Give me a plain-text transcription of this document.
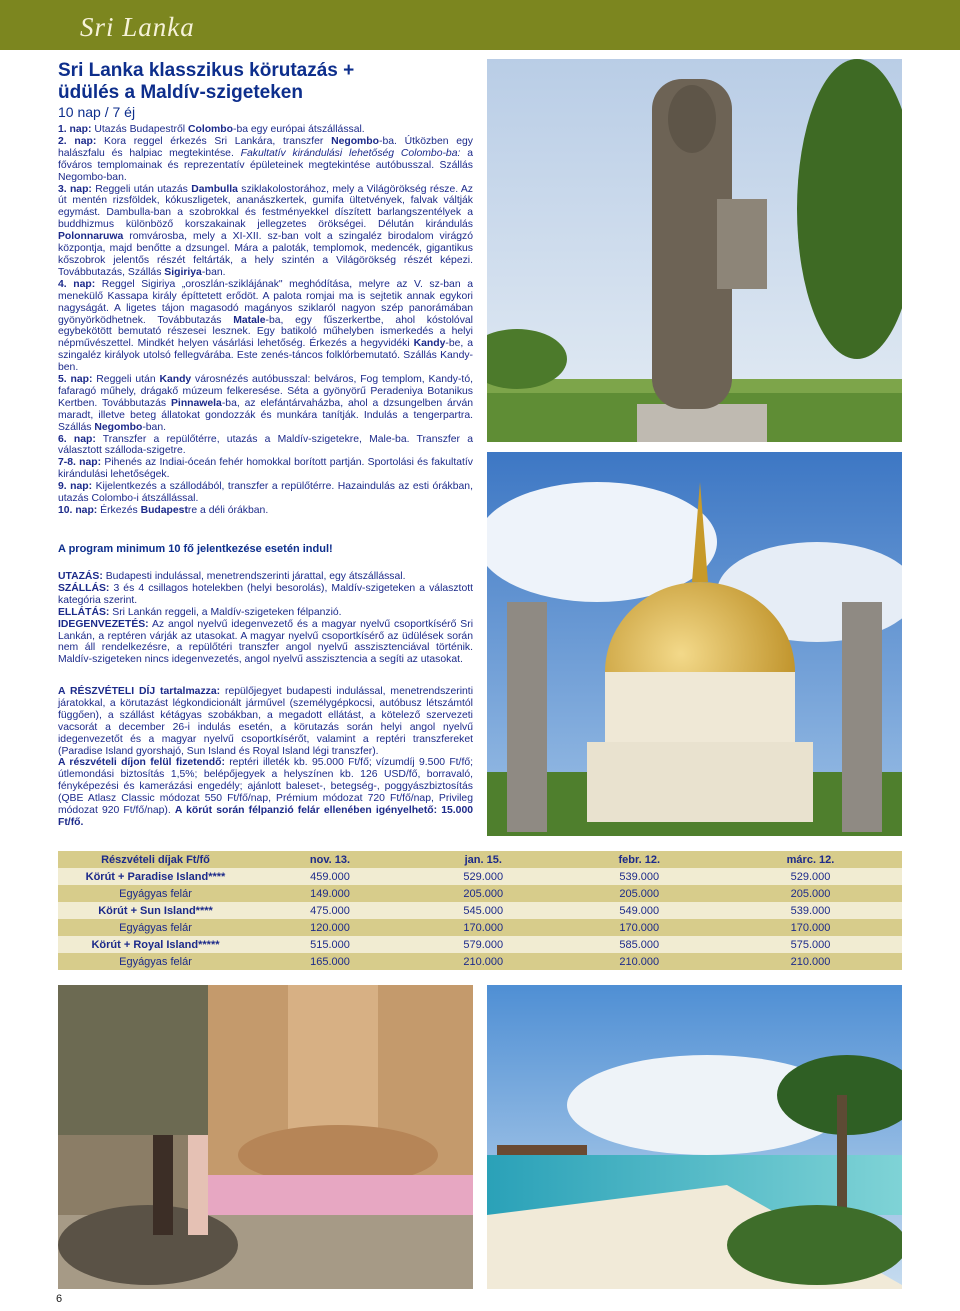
Sri Lanka
Sri Lanka klasszikus körutazás +
üdülés a Maldív-szigeteken
10 nap / 7 éj

1. nap: Utazás Budapestről Colombo-ba egy európai átszállással.

2. nap: Kora reggel érkezés Sri Lankára, transzfer Negombo-ba. Útközben egy halászfalu és halpiac megtekintése. Fakultatív kirándulási lehetőség Colombo-ba: a főváros templomainak és reprezentatív épületeinek megtekintése autóbusszal. Szállás Negombo-ban.

3. nap: Reggeli után utazás Dambulla sziklakolostorához, mely a Világörökség része. Az út mentén rizsföldek, kókuszligetek, ananászkertek, gumifa ültetvények, falvak váltják egymást. Dambulla-ban a szobrokkal és festményekkel díszített barlangszentélyek a buddhizmus különböző korszakainak jellegzetes örökségei. Délután kirándulás Polonnaruwa romvárosba, mely a XI-XII. sz-ban volt a szingaléz birodalom virágzó központja, majd benőtte a dzsungel. Mára a paloták, templomok, medencék, gigantikus kőszobrok jelentős részét feltárták, a hely szintén a Világörökség részét képezi. Továbbutazás, Szállás Sigiriya-ban.

4. nap: Reggel Sigiriya „oroszlán-sziklájának" meghódítása, melyre az V. sz-ban a menekülő Kassapa király építtetett erődöt. A palota romjai ma is sejtetik annak egykori nagyságát. A ligetes tájon magasodó magányos sziklaról nagyon szép panorámában gyönyörködhetnek. Továbbutazás Matale-ba, egy fűszerkertbe, ahol kóstolóval egybekötött bemutató részesei lesznek. Egy batikoló műhelyben ismerkedés a helyi népművészettel. Mindkét helyen vásárlási lehetőség. Érkezés a hegyvidéki Kandy-be, a szingaléz királyok utolsó fellegvárába. Este zenés-táncos folklórbemutató. Szállás Kandy-ben.

5. nap: Reggeli után Kandy városnézés autóbusszal: belváros, Fog templom, Kandy-tó, fafaragó műhely, drágakő múzeum felkeresése. Séta a gyönyörű Peradeniya Botanikus Kertben. Továbbutazás Pinnawela-ba, az elefántárvaházba, ahol a dzsungelben árván maradt, illetve beteg állatokat gondozzák és munkára tanítják. Indulás a tengerpartra. Szállás Negombo-ban.

6. nap: Transzfer a repülőtérre, utazás a Maldív-szigetekre, Male-ba. Transzfer a választott szálloda-szigetre.

7-8. nap: Pihenés az Indiai-óceán fehér homokkal borított partján. Sportolási és fakultatív kirándulási lehetőségek.

9. nap: Kijelentkezés a szállodából, transzfer a repülőtérre. Hazaindulás az esti órákban, utazás Colombo-i átszállással.

10. nap: Érkezés Budapestre a déli órákban.

A program minimum 10 fő jelentkezése esetén indul!

UTAZÁS: Budapesti indulással, menetrendszerinti járattal, egy átszállással.

SZÁLLÁS: 3 és 4 csillagos hotelekben (helyi besorolás), Maldív-szigeteken a választott kategória szerint.

ELLÁTÁS: Sri Lankán reggeli, a Maldív-szigeteken félpanzió.

IDEGENVEZETÉS: Az angol nyelvű idegenvezető és a magyar nyelvű csoportkísérő Sri Lankán, a reptéren várják az utasokat. A magyar nyelvű csoportkísérő az üdülések során nem áll rendelkezésre, a repülőtéri transzfer angol nyelvű asszisztenciával történik. Maldív-szigeteken nincs idegenvezetés, angol nyelvű asszisztencia a segíti az utasokat.

A RÉSZVÉTELI DÍJ tartalmazza: repülőjegyet budapesti indulással, menetrendszerinti járatokkal, a körutazást légkondicionált járművel (személygépkocsi, autóbusz létszámtól függően), a szállást kétágyas szobákban, a megadott ellátást, a kötelező szervezeti vacsorát a december 26-i indulás esetén, a körutazás során helyi angol nyelvű idegenvezetőt és a magyar nyelvű csoportkísérőt, valamint a reptéri transzfereket (Paradise Island gyorshajó, Sun Island és Royal Island légi transzfer).

A részvételi díjon felül fizetendő: reptéri illeték kb. 95.000 Ft/fő; vízumdíj 9.500 Ft/fő; útlemondási biztosítás 1,5%; belépőjegyek a helyszínen kb. 126 USD/fő, borravaló, fényképezési és kamerázási engedély; ajánlott baleset-, betegség-, poggyászbiztosítás (QBE Atlasz Classic módozat 550 Ft/fő/nap, Prémium módozat 720 Ft/fő/nap, Privileg módozat 920 Ft/fő/nap). A körút során félpanzió felár ellenében igényelhető: 15.000 Ft/fő.

Részvételi díjak Ft/fő	nov. 13.	jan. 15.	febr. 12.	márc. 12.
Körút + Paradise Island****	459.000	529.000	539.000	529.000
Egyágyas felár	149.000	205.000	205.000	205.000
Körút + Sun Island****	475.000	545.000	549.000	539.000
Egyágyas felár	120.000	170.000	170.000	170.000
Körút + Royal Island*****	515.000	579.000	585.000	575.000
Egyágyas felár	165.000	210.000	210.000	210.000
6
